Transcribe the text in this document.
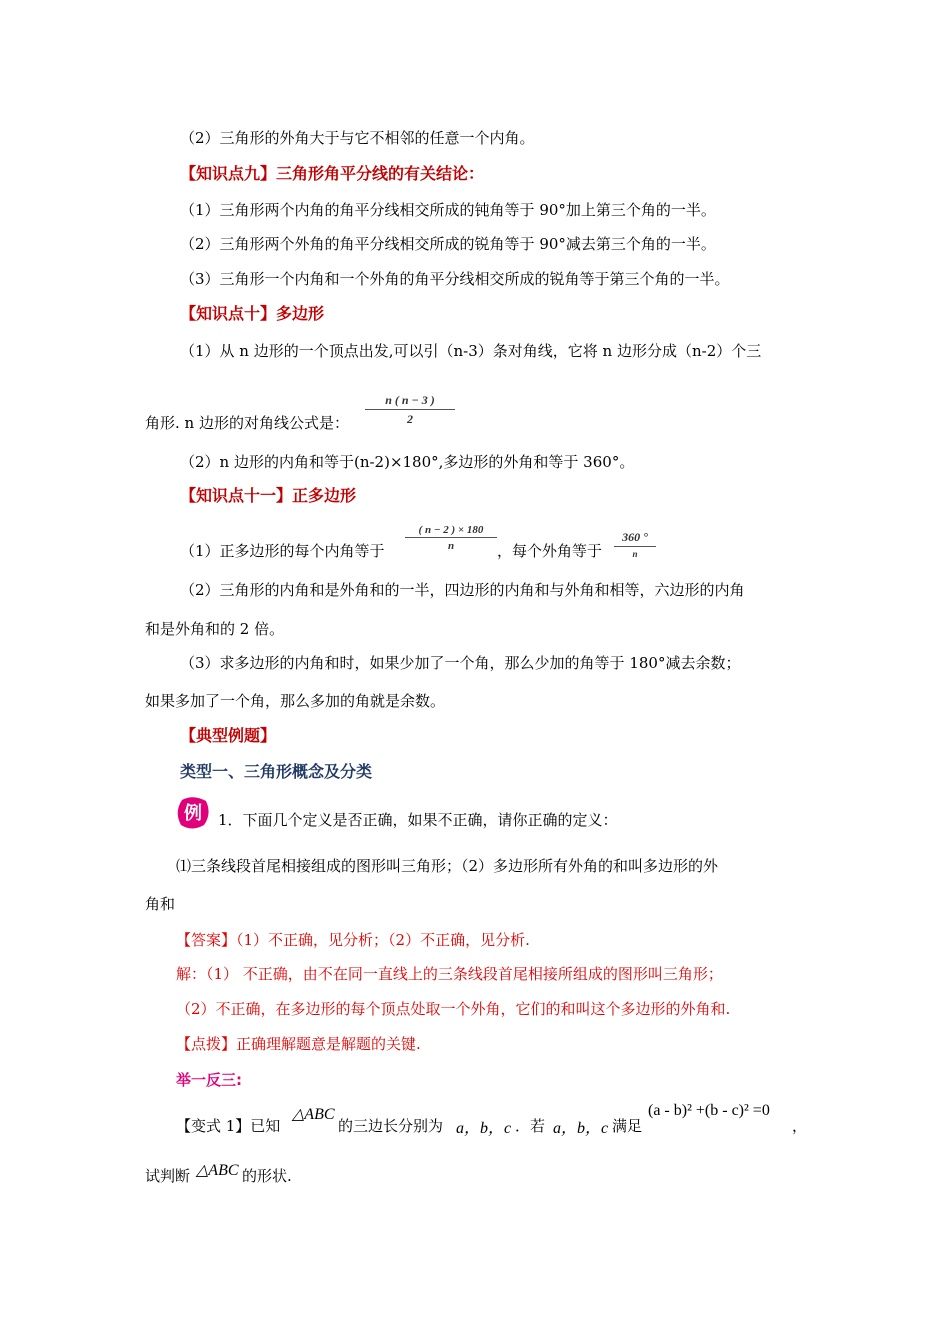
（2）三角形的外角大于与它不相邻的任意一个内角。
【知识点九】三角形角平分线的有关结论：
（1）三角形两个内角的角平分线相交所成的钝角等于 90°加上第三个角的一半。
（2）三角形两个外角的角平分线相交所成的锐角等于 90°减去第三个角的一半。
（3）三角形一个内角和一个外角的角平分线相交所成的锐角等于第三个角的一半。
【知识点十】多边形
（1）从 n 边形的一个顶点出发,可以引（n-3）条对角线，它将 n 边形分成（n-2）个三
角形. n 边形的对角线公式是： $\frac{n ( n - 3 )}{2}$
（2）n 边形的内角和等于(n-2)×180°,多边形的外角和等于 360°。
【知识点十一】正多边形
（1）正多边形的每个内角等于 $\frac{( n - 2 ) \times 180}{n}$ ，每个外角等于
360 °
n
（2）三角形的内角和是外角和的一半，四边形的内角和与外角和相等，六边形的内角
和是外角和的 2 倍。
（3）求多边形的内角和时，如果少加了一个角，那么少加的角等于 180°减去余数；
如果多加了一个角，那么多加的角就是余数。
【典型例题】
类型一、三角形概念及分类
例 1．下面几个定义是否正确，如果不正确，请你正确的定义：
⑴三条线段首尾相接组成的图形叫三角形；（2）多边形所有外角的和叫多边形的外
角和
【答案】（1）不正确，见分析；（2）不正确，见分析.
解：（1） 不正确，由不在同一直线上的三条线段首尾相接所组成的图形叫三角形；
（2）不正确，在多边形的每个顶点处取一个外角，它们的和叫这个多边形的外角和.
【点拨】正确理解题意是解题的关键.
举一反三:
【变式 1】已知
△ABC
的三边长分别为 a，b，c ．若 a，b，c 满足
(a - b)² +(b - c)² =0
，
试判断 △ABC 的形状.
